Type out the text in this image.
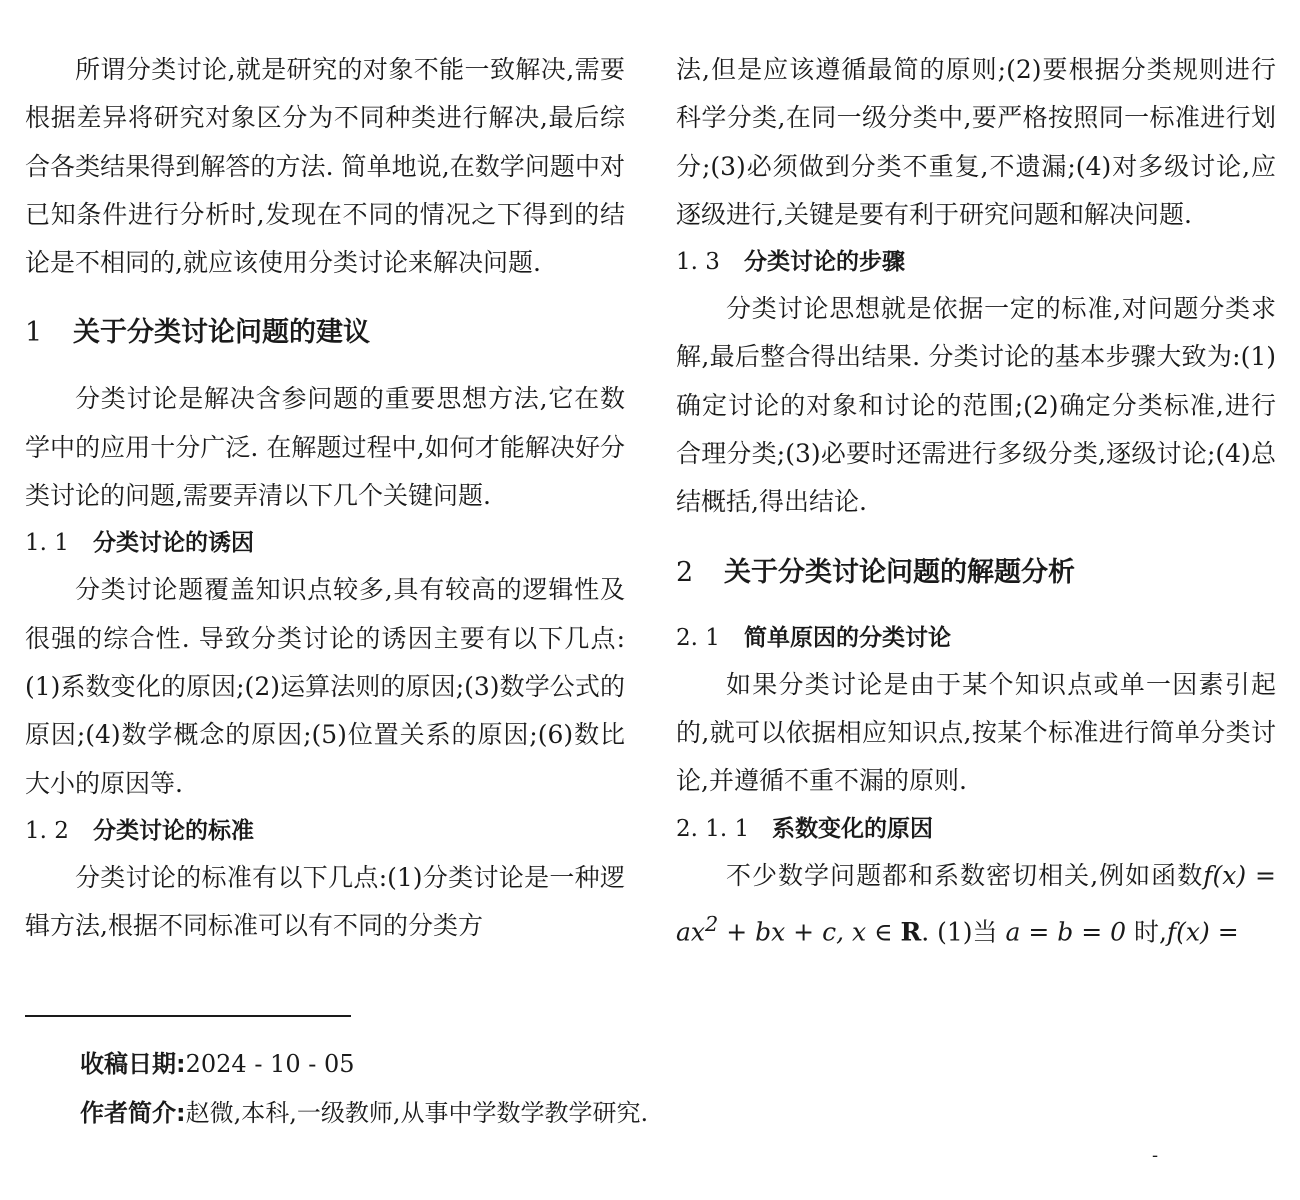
所谓分类讨论,就是研究的对象不能一致解决,需要根据差异将研究对象区分为不同种类进行解决,最后综合各类结果得到解答的方法. 简单地说,在数学问题中对已知条件进行分析时,发现在不同的情况之下得到的结论是不相同的,就应该使用分类讨论来解决问题.

1 关于分类讨论问题的建议

分类讨论是解决含参问题的重要思想方法,它在数学中的应用十分广泛. 在解题过程中,如何才能解决好分类讨论的问题,需要弄清以下几个关键问题.

1. 1 分类讨论的诱因

分类讨论题覆盖知识点较多,具有较高的逻辑性及很强的综合性. 导致分类讨论的诱因主要有以下几点:(1)系数变化的原因;(2)运算法则的原因;(3)数学公式的原因;(4)数学概念的原因;(5)位置关系的原因;(6)数比大小的原因等.

1. 2 分类讨论的标准

分类讨论的标准有以下几点:(1)分类讨论是一种逻辑方法,根据不同标准可以有不同的分类方

法,但是应该遵循最简的原则;(2)要根据分类规则进行科学分类,在同一级分类中,要严格按照同一标准进行划分;(3)必须做到分类不重复,不遗漏;(4)对多级讨论,应逐级进行,关键是要有利于研究问题和解决问题.

1. 3 分类讨论的步骤

分类讨论思想就是依据一定的标准,对问题分类求解,最后整合得出结果. 分类讨论的基本步骤大致为:(1)确定讨论的对象和讨论的范围;(2)确定分类标准,进行合理分类;(3)必要时还需进行多级分类,逐级讨论;(4)总结概括,得出结论.

2 关于分类讨论问题的解题分析
2. 1 简单原因的分类讨论

如果分类讨论是由于某个知识点或单一因素引起的,就可以依据相应知识点,按某个标准进行简单分类讨论,并遵循不重不漏的原则.

2. 1. 1 系数变化的原因

不少数学问题都和系数密切相关,例如函数$f(x) = ax^2$ + bx + c, x ∈ R. (1)当 a = b = 0 时,f(x) =

收稿日期:2024 - 10 - 05
作者简介:赵微,本科,一级教师,从事中学数学教学研究.
-
